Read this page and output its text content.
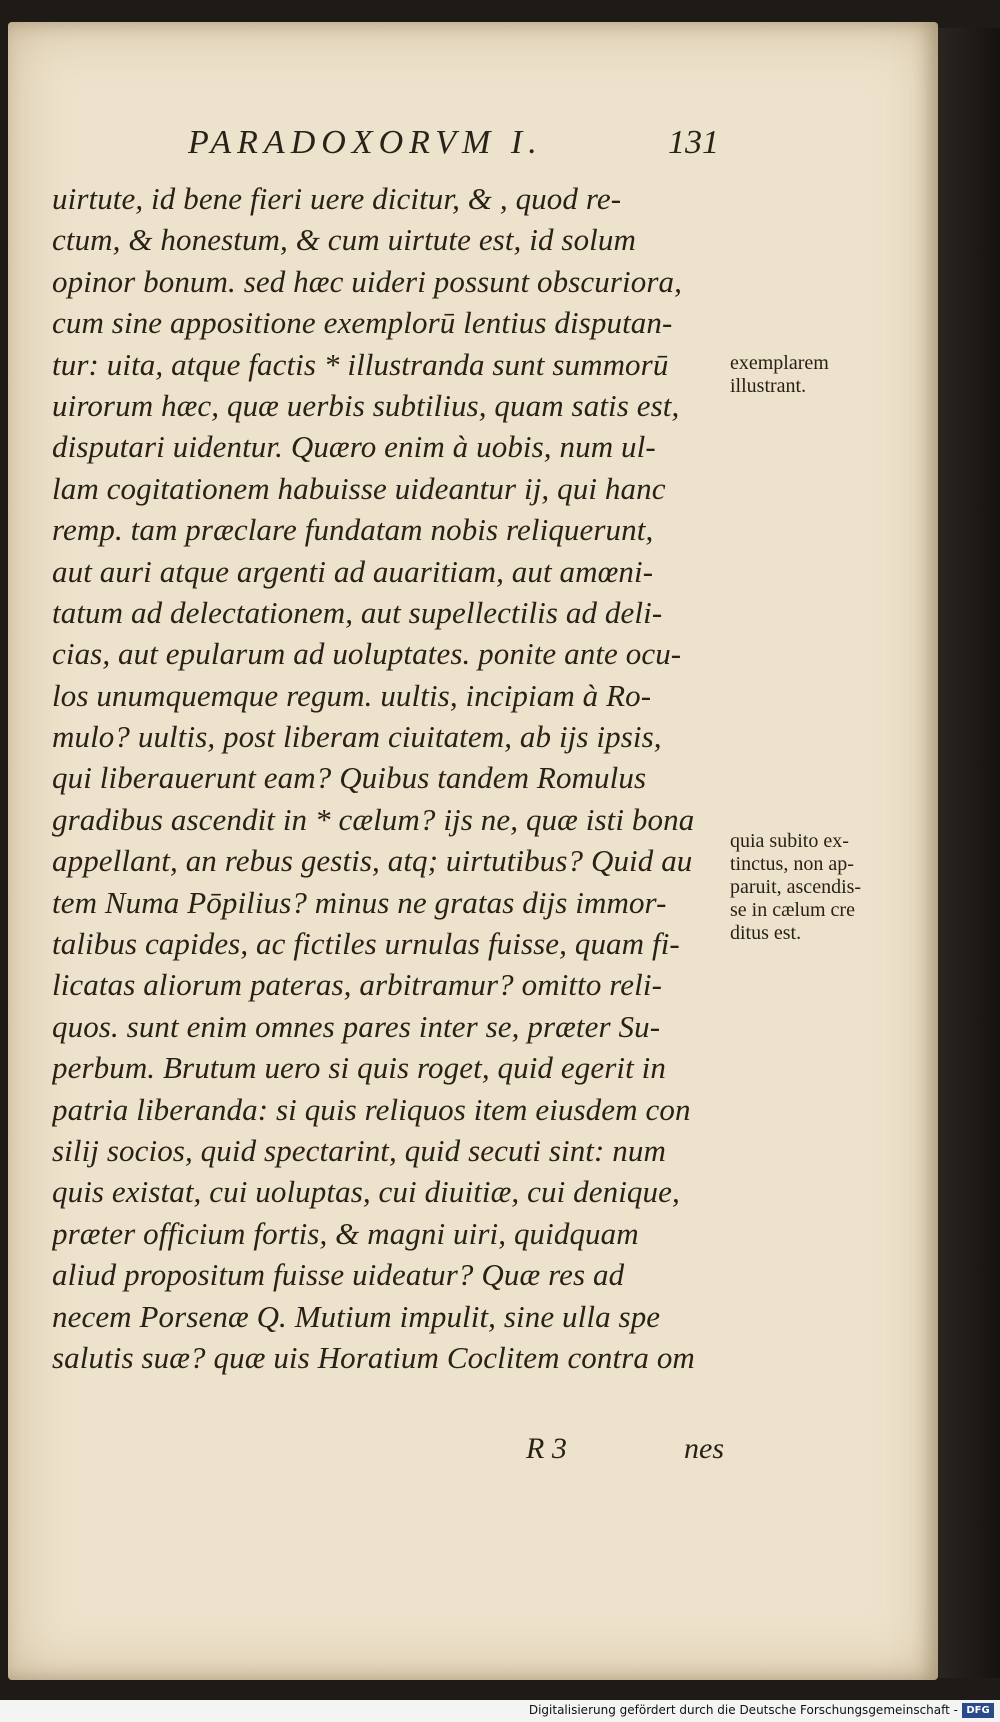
PARADOXORVM I.	131
uirtute, id bene fieri uere dicitur, & , quod re-
ctum, & honestum, & cum uirtute est, id solum
opinor bonum. sed hæc uideri possunt obscuriora,
cum sine appositione exemplorū lentius disputan-
tur: uita, atque factis * illustranda sunt summorū
uirorum hæc, quæ uerbis subtilius, quam satis est,
disputari uidentur. Quæro enim à uobis, num ul-
lam cogitationem habuisse uideantur ij, qui hanc
remp. tam præclare fundatam nobis reliquerunt,
aut auri atque argenti ad auaritiam, aut amœni-
tatum ad delectationem, aut supellectilis ad deli-
cias, aut epularum ad uoluptates. ponite ante ocu-
los unumquemque regum. uultis, incipiam à Ro-
mulo? uultis, post liberam ciuitatem, ab ijs ipsis,
qui liberauerunt eam? Quibus tandem Romulus
gradibus ascendit in * cælum? ijs ne, quæ isti bona
appellant, an rebus gestis, atq; uirtutibus? Quid au
tem Numa Pōpilius? minus ne gratas dijs immor-
talibus capides, ac fictiles urnulas fuisse, quam fi-
licatas aliorum pateras, arbitramur? omitto reli-
quos. sunt enim omnes pares inter se, præter Su-
perbum. Brutum uero si quis roget, quid egerit in
patria liberanda: si quis reliquos item eiusdem con
silij socios, quid spectarint, quid secuti sint: num
quis existat, cui uoluptas, cui diuitiæ, cui denique,
præter officium fortis, & magni uiri, quidquam
aliud propositum fuisse uideatur? Quæ res ad
necem Porsenæ Q. Mutium impulit, sine ulla spe
salutis suæ? quæ uis Horatium Coclitem contra om
exemplarem
illustrant.
quia subito ex-
tinctus, non ap-
paruit, ascendis-
se in cælum cre
ditus est.
R 3	nes
Digitalisierung gefördert durch die Deutsche Forschungsgemeinschaft - DFG
